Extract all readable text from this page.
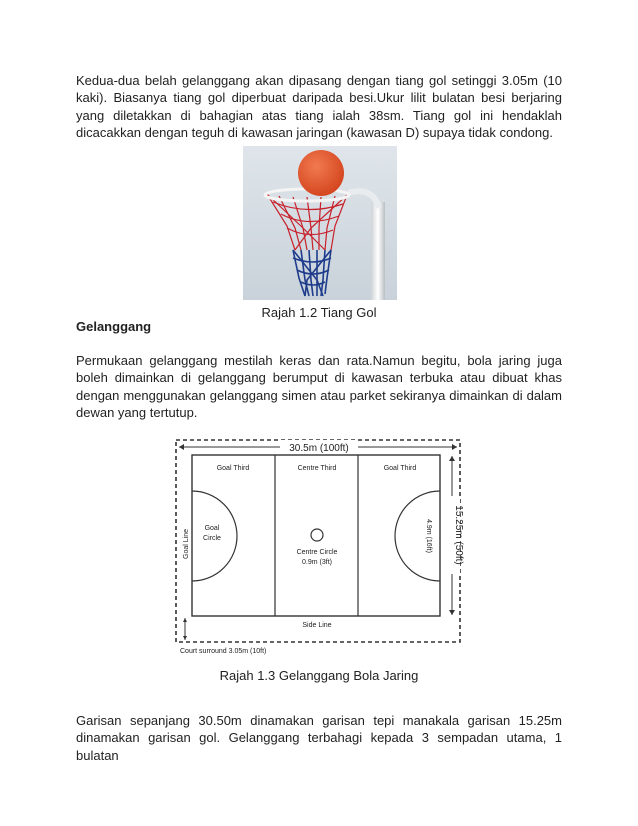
Kedua-dua belah gelanggang akan dipasang dengan tiang gol setinggi 3.05m (10 kaki). Biasanya tiang gol diperbuat daripada besi.Ukur lilit bulatan besi berjaring yang diletakkan di bahagian atas tiang ialah 38sm. Tiang gol ini hendaklah dicacakkan dengan teguh di kawasan jaringan (kawasan D) supaya tidak condong.

Rajah 1.2 Tiang Gol

Gelanggang

Permukaan gelanggang mestilah keras dan rata.Namun begitu, bola jaring juga boleh dimainkan di gelanggang berumput di kawasan terbuka atau dibuat khas dengan menggunakan gelanggang simen atau parket sekiranya dimainkan di dalam dewan yang tertutup.

30.5m (100ft)
15.25m (50ft)
Goal Third	Centre Third	Goal Third
Goal
Circle
Goal Line	4.9m (16ft)
Centre Circle
0.9m (3ft)
Side Line
Court surround 3.05m (10ft)

Rajah 1.3 Gelanggang Bola Jaring

Garisan sepanjang 30.50m dinamakan garisan tepi manakala garisan 15.25m dinamakan garisan gol. Gelanggang terbahagi kepada 3 sempadan utama, 1 bulatan
